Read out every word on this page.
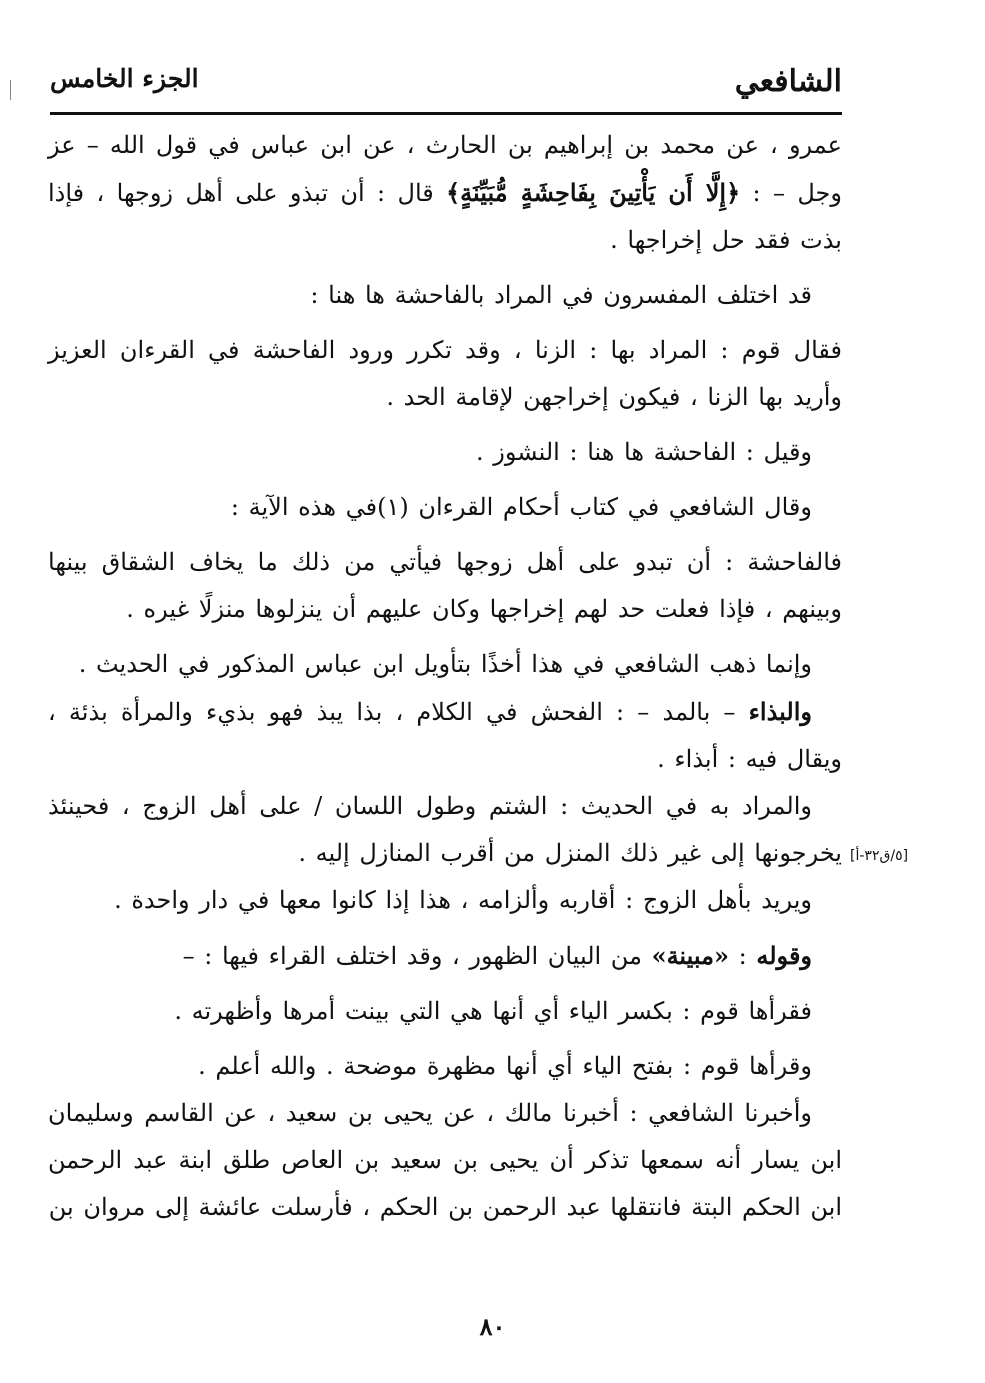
الشافعي
الجزء الخامس

عمرو ، عن محمد بن إبراهيم بن الحارث ، عن ابن عباس في قول الله – عز وجل – : ﴿إِلَّا أَن يَأْتِينَ بِفَاحِشَةٍ مُّبَيِّنَةٍ﴾ قال : أن تبذو على أهل زوجها ، فإذا بذت فقد حل إخراجها .

قد اختلف المفسرون في المراد بالفاحشة ها هنا :

فقال قوم : المراد بها : الزنا ، وقد تكرر ورود الفاحشة في القرءان العزيز وأريد بها الزنا ، فيكون إخراجهن لإقامة الحد .

وقيل : الفاحشة ها هنا : النشوز .

وقال الشافعي في كتاب أحكام القرءان (١)في هذه الآية :

فالفاحشة : أن تبدو على أهل زوجها فيأتي من ذلك ما يخاف الشقاق بينها وبينهم ، فإذا فعلت حد لهم إخراجها وكان عليهم أن ينزلوها منزلًا غيره .

وإنما ذهب الشافعي في هذا أخذًا بتأويل ابن عباس المذكور في الحديث .

والبذاء – بالمد – : الفحش في الكلام ، بذا يبذ فهو بذيء والمرأة بذئة ، ويقال فيه : أبذاء .

والمراد به في الحديث : الشتم وطول اللسان / على أهل الزوج ، فحينئذ يخرجونها إلى غير ذلك المنزل من أقرب المنازل إليه .

ويريد بأهل الزوج : أقاربه وألزامه ، هذا إذا كانوا معها في دار واحدة .

وقوله : «مبينة» من البيان الظهور ، وقد اختلف القراء فيها : –

فقرأها قوم : بكسر الياء أي أنها هي التي بينت أمرها وأظهرته .

وقرأها قوم : بفتح الياء أي أنها مظهرة موضحة . والله أعلم .

وأخبرنا الشافعي : أخبرنا مالك ، عن يحيى بن سعيد ، عن القاسم وسليمان ابن يسار أنه سمعها تذكر أن يحيى بن سعيد بن العاص طلق ابنة عبد الرحمن ابن الحكم البتة فانتقلها عبد الرحمن بن الحكم ، فأرسلت عائشة إلى مروان بن

[٥/ق٣٢-أ]
٨٠
